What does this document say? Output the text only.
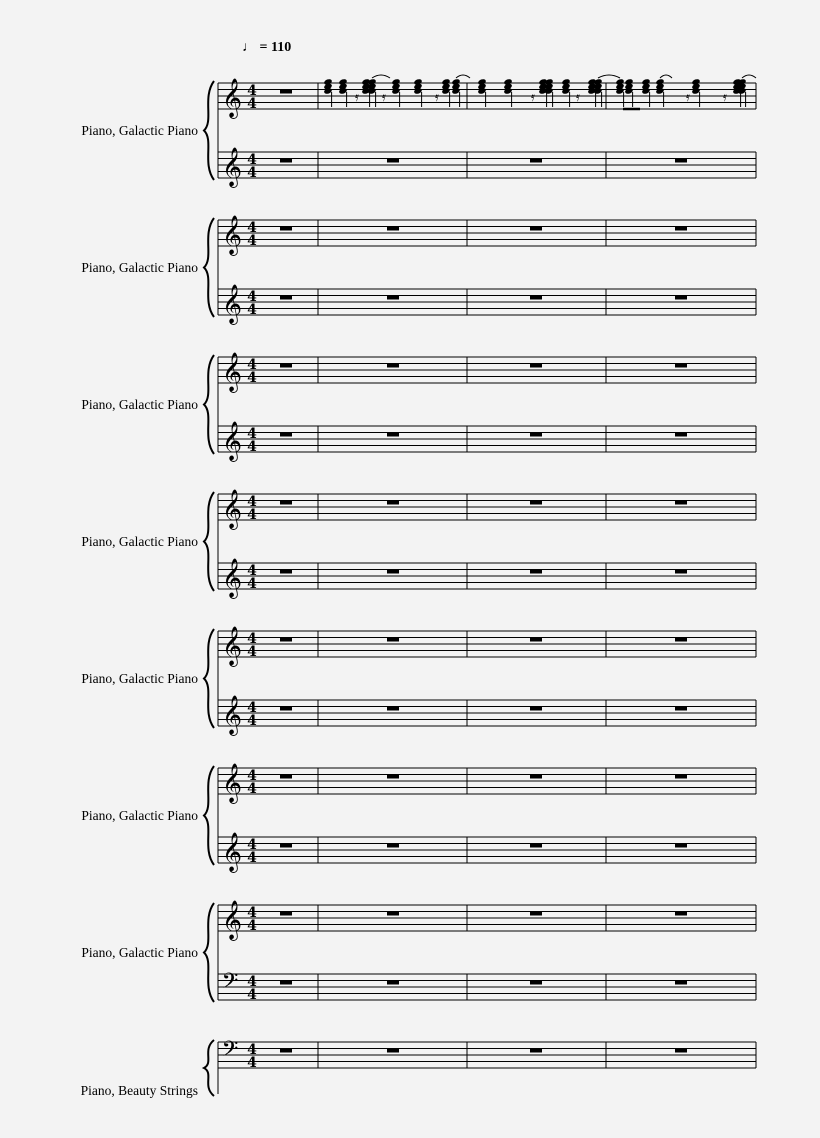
♩ = 110
Piano, Galactic Piano
Piano, Galactic Piano
Piano, Galactic Piano
Piano, Galactic Piano
Piano, Galactic Piano
Piano, Galactic Piano
Piano, Galactic Piano
Piano, Beauty Strings
𝄞 4
4
𝄞 4
4
𝄞 4
4
𝄞 4
4
𝄞 4
4
𝄞 4
4
𝄞 4
4
𝄞 4
4
𝄞 4
4
𝄞 4
4
𝄞 4
4
𝄞 4
4
𝄞 4
4
𝄢 4
4
𝄢 4
4
𝄿 𝄿	𝄿	𝄿	𝄿	𝄿	𝄿
